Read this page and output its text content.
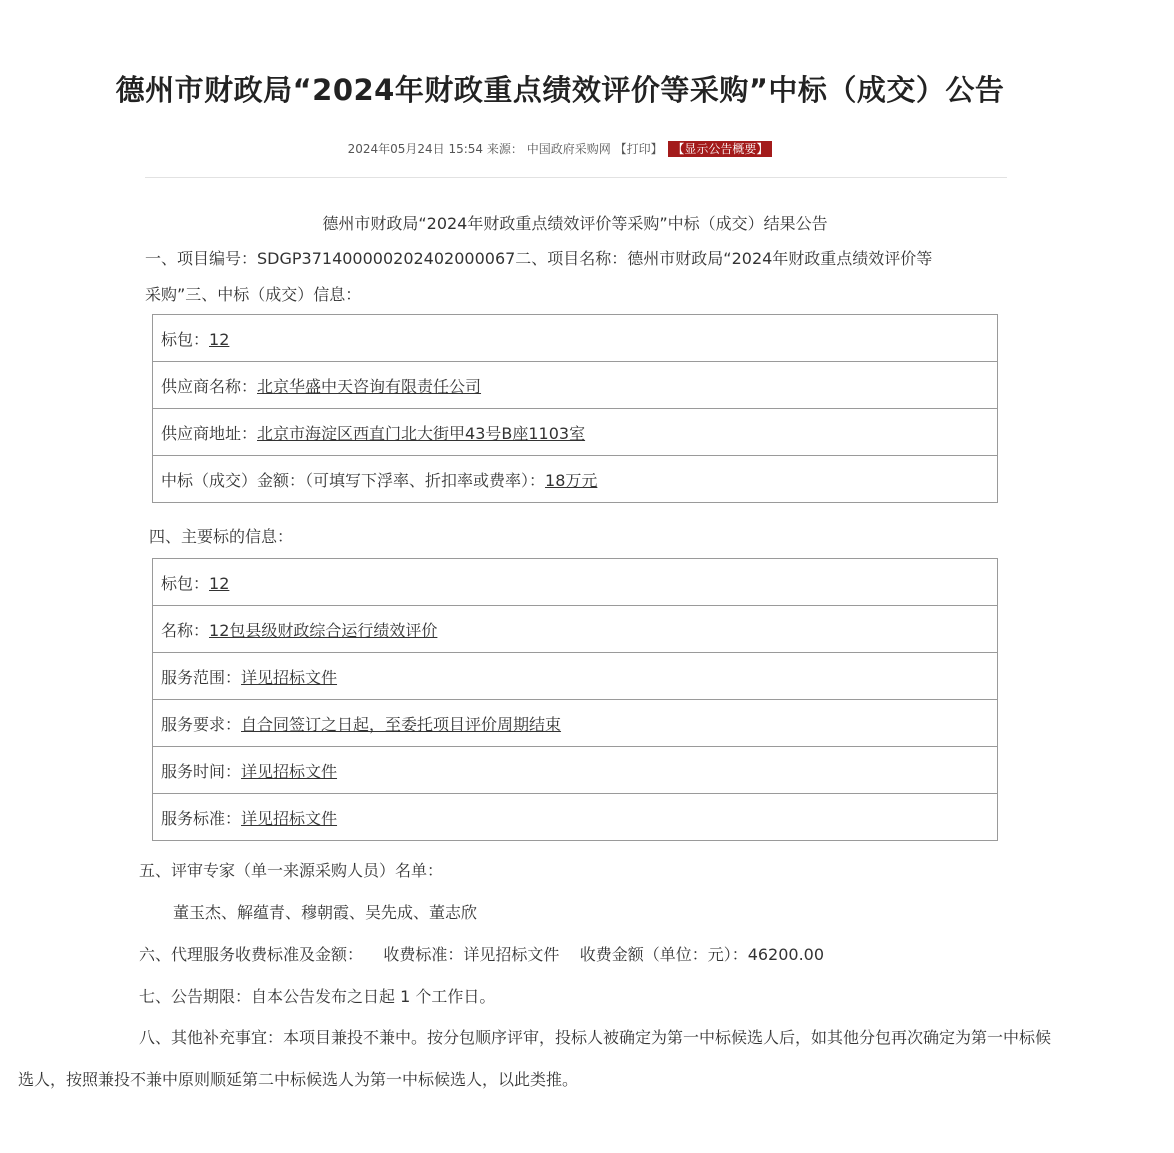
德州市财政局“2024年财政重点绩效评价等采购”中标（成交）公告
2024年05月24日 15:54 来源： 中国政府采购网 【打印】 【显示公告概要】
德州市财政局“2024年财政重点绩效评价等采购”中标（成交）结果公告
一、项目编号：SDGP371400000202402000067二、项目名称：德州市财政局“2024年财政重点绩效评价等
采购”三、中标（成交）信息：
标包：12
供应商名称：北京华盛中天咨询有限责任公司
供应商地址：北京市海淀区西直门北大街甲43号B座1103室
中标（成交）金额：（可填写下浮率、折扣率或费率）：18万元
四、主要标的信息：
标包：12
名称：12包县级财政综合运行绩效评价
服务范围：详见招标文件
服务要求：自合同签订之日起，至委托项目评价周期结束
服务时间：详见招标文件
服务标准：详见招标文件
五、评审专家（单一来源采购人员）名单：
董玉杰、解蕴青、穆朝霞、吴先成、董志欣
六、代理服务收费标准及金额：    收费标准：详见招标文件    收费金额（单位：元）：46200.00
七、公告期限：自本公告发布之日起 1 个工作日。
八、其他补充事宜：本项目兼投不兼中。按分包顺序评审，投标人被确定为第一中标候选人后，如其他分包再次确定为第一中标候
选人，按照兼投不兼中原则顺延第二中标候选人为第一中标候选人，以此类推。
